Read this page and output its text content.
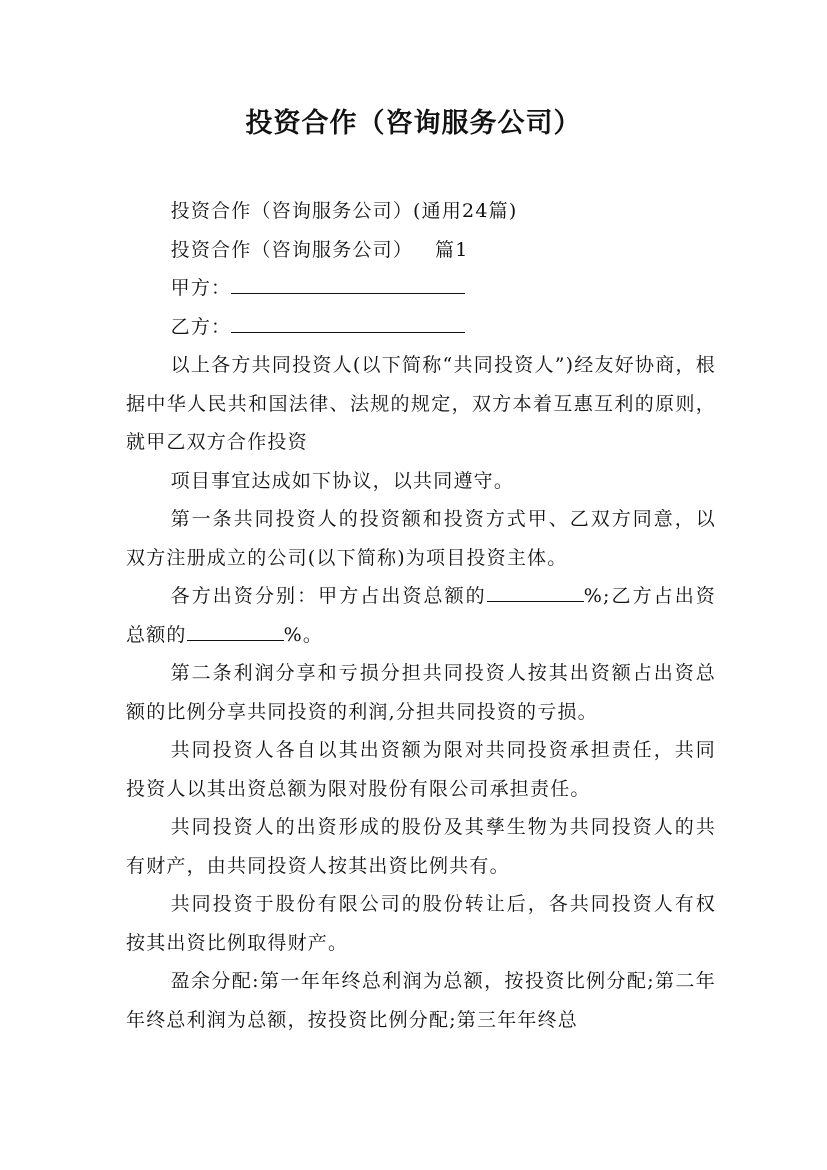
投资合作（咨询服务公司）

投资合作（咨询服务公司）(通用24篇)

投资合作（咨询服务公司） 篇1

甲方：

乙方：

以上各方共同投资人(以下简称“共同投资人”)经友好协商，根据中华人民共和国法律、法规的规定，双方本着互惠互利的原则，就甲乙双方合作投资

项目事宜达成如下协议，以共同遵守。

第一条共同投资人的投资额和投资方式甲、乙双方同意，以双方注册成立的公司(以下简称)为项目投资主体。

各方出资分别：甲方占出资总额的	%;乙方占出资总额的	%。

第二条利润分享和亏损分担共同投资人按其出资额占出资总额的比例分享共同投资的利润,分担共同投资的亏损。

共同投资人各自以其出资额为限对共同投资承担责任，共同投资人以其出资总额为限对股份有限公司承担责任。

共同投资人的出资形成的股份及其孳生物为共同投资人的共有财产，由共同投资人按其出资比例共有。

共同投资于股份有限公司的股份转让后，各共同投资人有权按其出资比例取得财产。

盈余分配:第一年年终总利润为总额，按投资比例分配;第二年年终总利润为总额，按投资比例分配;第三年年终总
